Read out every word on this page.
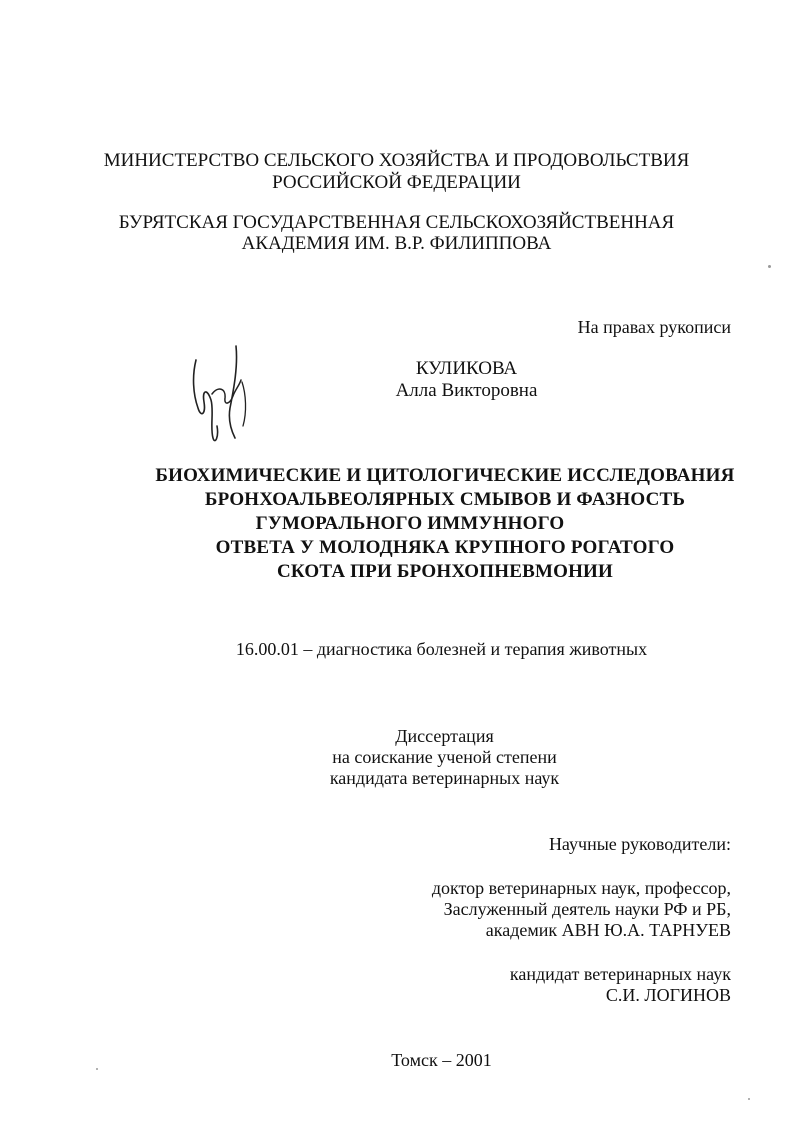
МИНИСТЕРСТВО СЕЛЬСКОГО ХОЗЯЙСТВА И ПРОДОВОЛЬСТВИЯ
РОССИЙСКОЙ ФЕДЕРАЦИИ
БУРЯТСКАЯ ГОСУДАРСТВЕННАЯ СЕЛЬСКОХОЗЯЙСТВЕННАЯ
АКАДЕМИЯ ИМ. В.Р. ФИЛИППОВА
На правах рукописи
КУЛИКОВА
Алла Викторовна
БИОХИМИЧЕСКИЕ И ЦИТОЛОГИЧЕСКИЕ ИССЛЕДОВАНИЯ
БРОНХОАЛЬВЕОЛЯРНЫХ СМЫВОВ И ФАЗНОСТЬ
ГУМОРАЛЬНОГО ИММУННОГО
ОТВЕТА У МОЛОДНЯКА КРУПНОГО РОГАТОГО
СКОТА ПРИ БРОНХОПНЕВМОНИИ
16.00.01 – диагностика болезней и терапия животных
Диссертация
на соискание ученой степени
кандидата ветеринарных наук
Научные руководители:
доктор ветеринарных наук, профессор,
Заслуженный деятель науки РФ и РБ,
академик АВН Ю.А. ТАРНУЕВ
кандидат ветеринарных наук
С.И. ЛОГИНОВ
Томск – 2001
